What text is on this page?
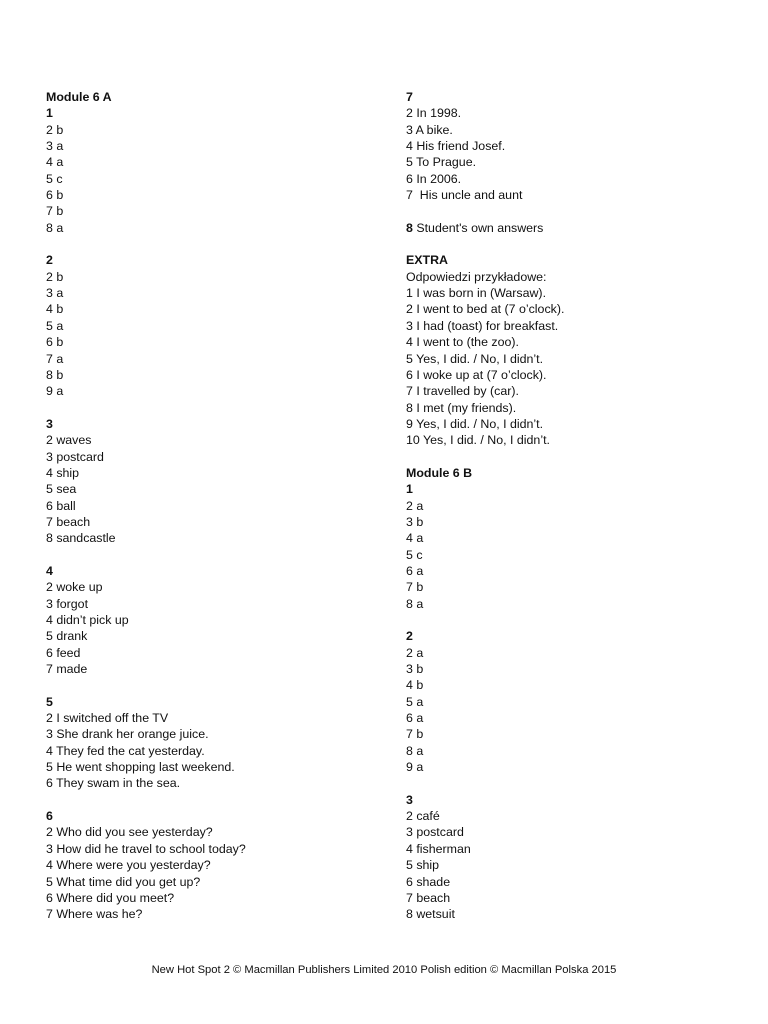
Module 6 A
1
2 b
3 a
4 a
5 c
6 b
7 b
8 a
2
2 b
3 a
4 b
5 a
6 b
7 a
8 b
9 a
3
2 waves
3 postcard
4 ship
5 sea
6 ball
7 beach
8 sandcastle
4
2 woke up
3 forgot
4 didn’t pick up
5 drank
6 feed
7 made
5
2 I switched off the TV
3 She drank her orange juice.
4 They fed the cat yesterday.
5 He went shopping last weekend.
6 They swam in the sea.
6
2 Who did you see yesterday?
3 How did he travel to school today?
4 Where were you yesterday?
5 What time did you get up?
6 Where did you meet?
7 Where was he?
7
2 In 1998.
3 A bike.
4 His friend Josef.
5 To Prague.
6 In 2006.
7  His uncle and aunt
8 Student's own answers
EXTRA
Odpowiedzi przykładowe:
1 I was born in (Warsaw).
2 I went to bed at (7 o’clock).
3 I had (toast) for breakfast.
4 I went to (the zoo).
5 Yes, I did. / No, I didn’t.
6 I woke up at (7 o’clock).
7 I travelled by (car).
8 I met (my friends).
9 Yes, I did. / No, I didn’t.
10 Yes, I did. / No, I didn’t.
Module 6 B
1
2 a
3 b
4 a
5 c
6 a
7 b
8 a
2
2 a
3 b
4 b
5 a
6 a
7 b
8 a
9 a
3
2 café
3 postcard
4 fisherman
5 ship
6 shade
7 beach
8 wetsuit
New Hot Spot 2 © Macmillan Publishers Limited 2010 Polish edition © Macmillan Polska 2015
